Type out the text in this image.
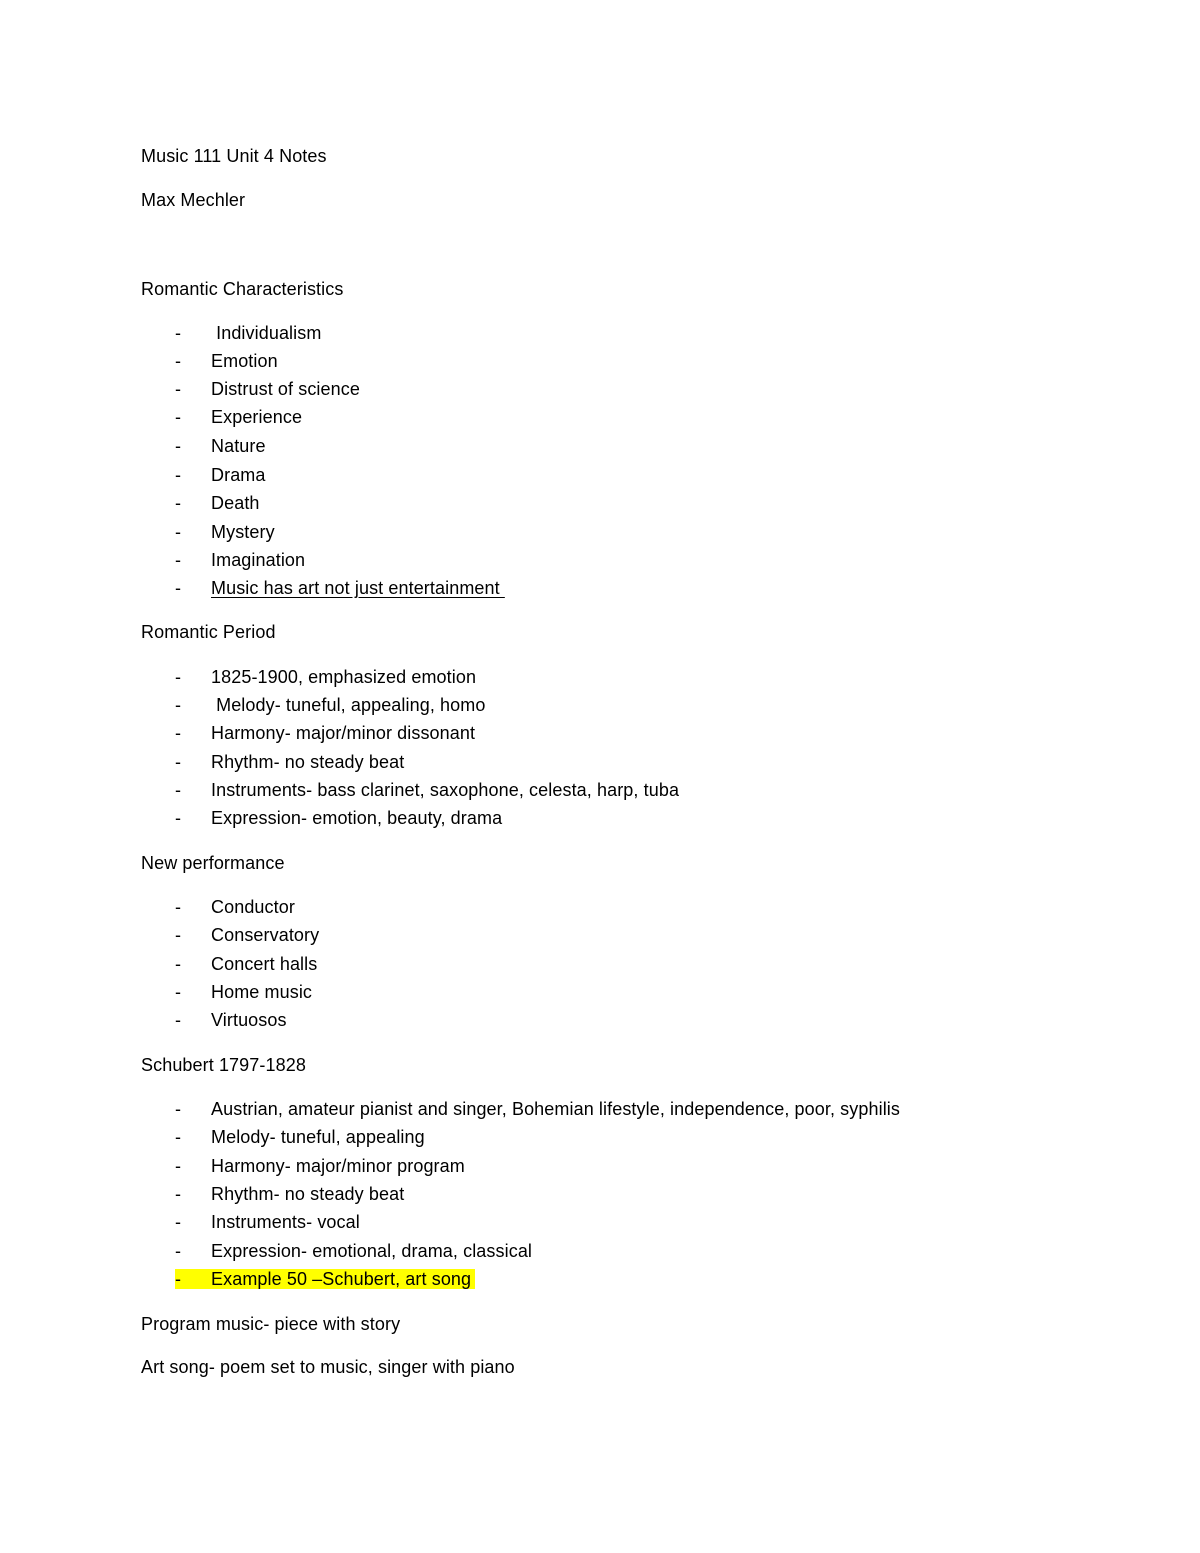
Music 111 Unit 4 Notes
Max Mechler
Romantic Characteristics
- Individualism
- Emotion
- Distrust of science
- Experience
- Nature
- Drama
- Death
- Mystery
- Imagination
- Music has art not just entertainment
Romantic Period
- 1825-1900, emphasized emotion
- Melody- tuneful, appealing, homo
- Harmony- major/minor dissonant
- Rhythm- no steady beat
- Instruments- bass clarinet, saxophone, celesta, harp, tuba
- Expression- emotion, beauty, drama
New performance
- Conductor
- Conservatory
- Concert halls
- Home music
- Virtuosos
Schubert 1797-1828
- Austrian, amateur pianist and singer, Bohemian lifestyle, independence, poor, syphilis
- Melody- tuneful, appealing
- Harmony- major/minor program
- Rhythm- no steady beat
- Instruments- vocal
- Expression- emotional, drama, classical
- Example 50 –Schubert, art song
Program music- piece with story
Art song- poem set to music, singer with piano
